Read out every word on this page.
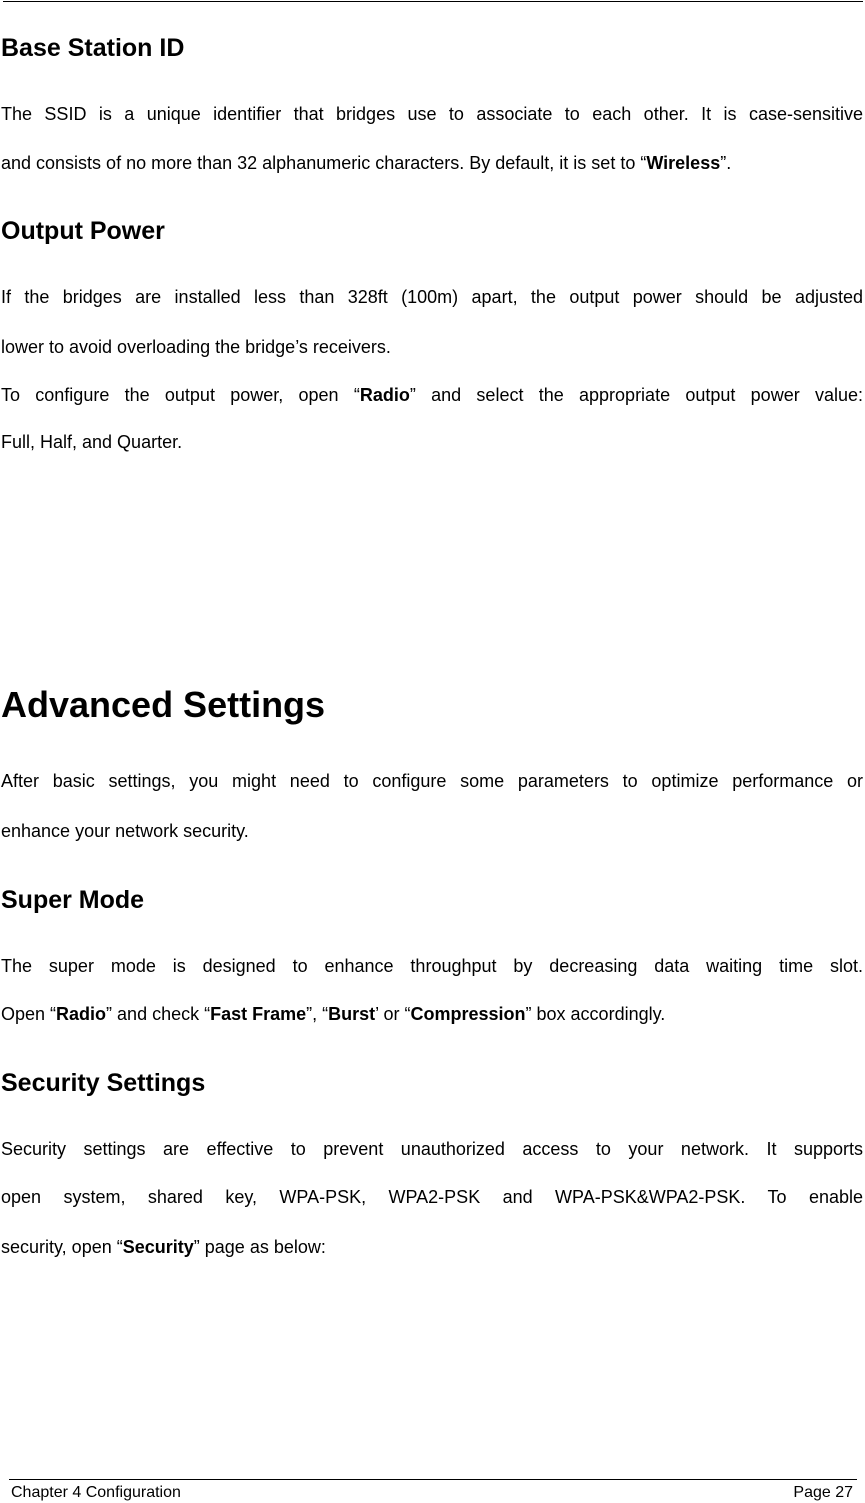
Base Station ID
The SSID is a unique identifier that bridges use to associate to each other. It is case-sensitive
and consists of no more than 32 alphanumeric characters. By default, it is set to “Wireless”.
Output Power
If the bridges are installed less than 328ft (100m) apart, the output power should be adjusted
lower to avoid overloading the bridge’s receivers.
To configure the output power, open “Radio” and select the appropriate output power value:
Full, Half, and Quarter.
Advanced Settings
After basic settings, you might need to configure some parameters to optimize performance or
enhance your network security.
Super Mode
The super mode is designed to enhance throughput by decreasing data waiting time slot.
Open “Radio” and check “Fast Frame”, “Burst’ or “Compression” box accordingly.
Security Settings
Security settings are effective to prevent unauthorized access to your network. It supports
open system, shared key, WPA-PSK, WPA2-PSK and WPA-PSK&WPA2-PSK. To enable
security, open “Security” page as below:
Chapter 4 Configuration	Page 27
